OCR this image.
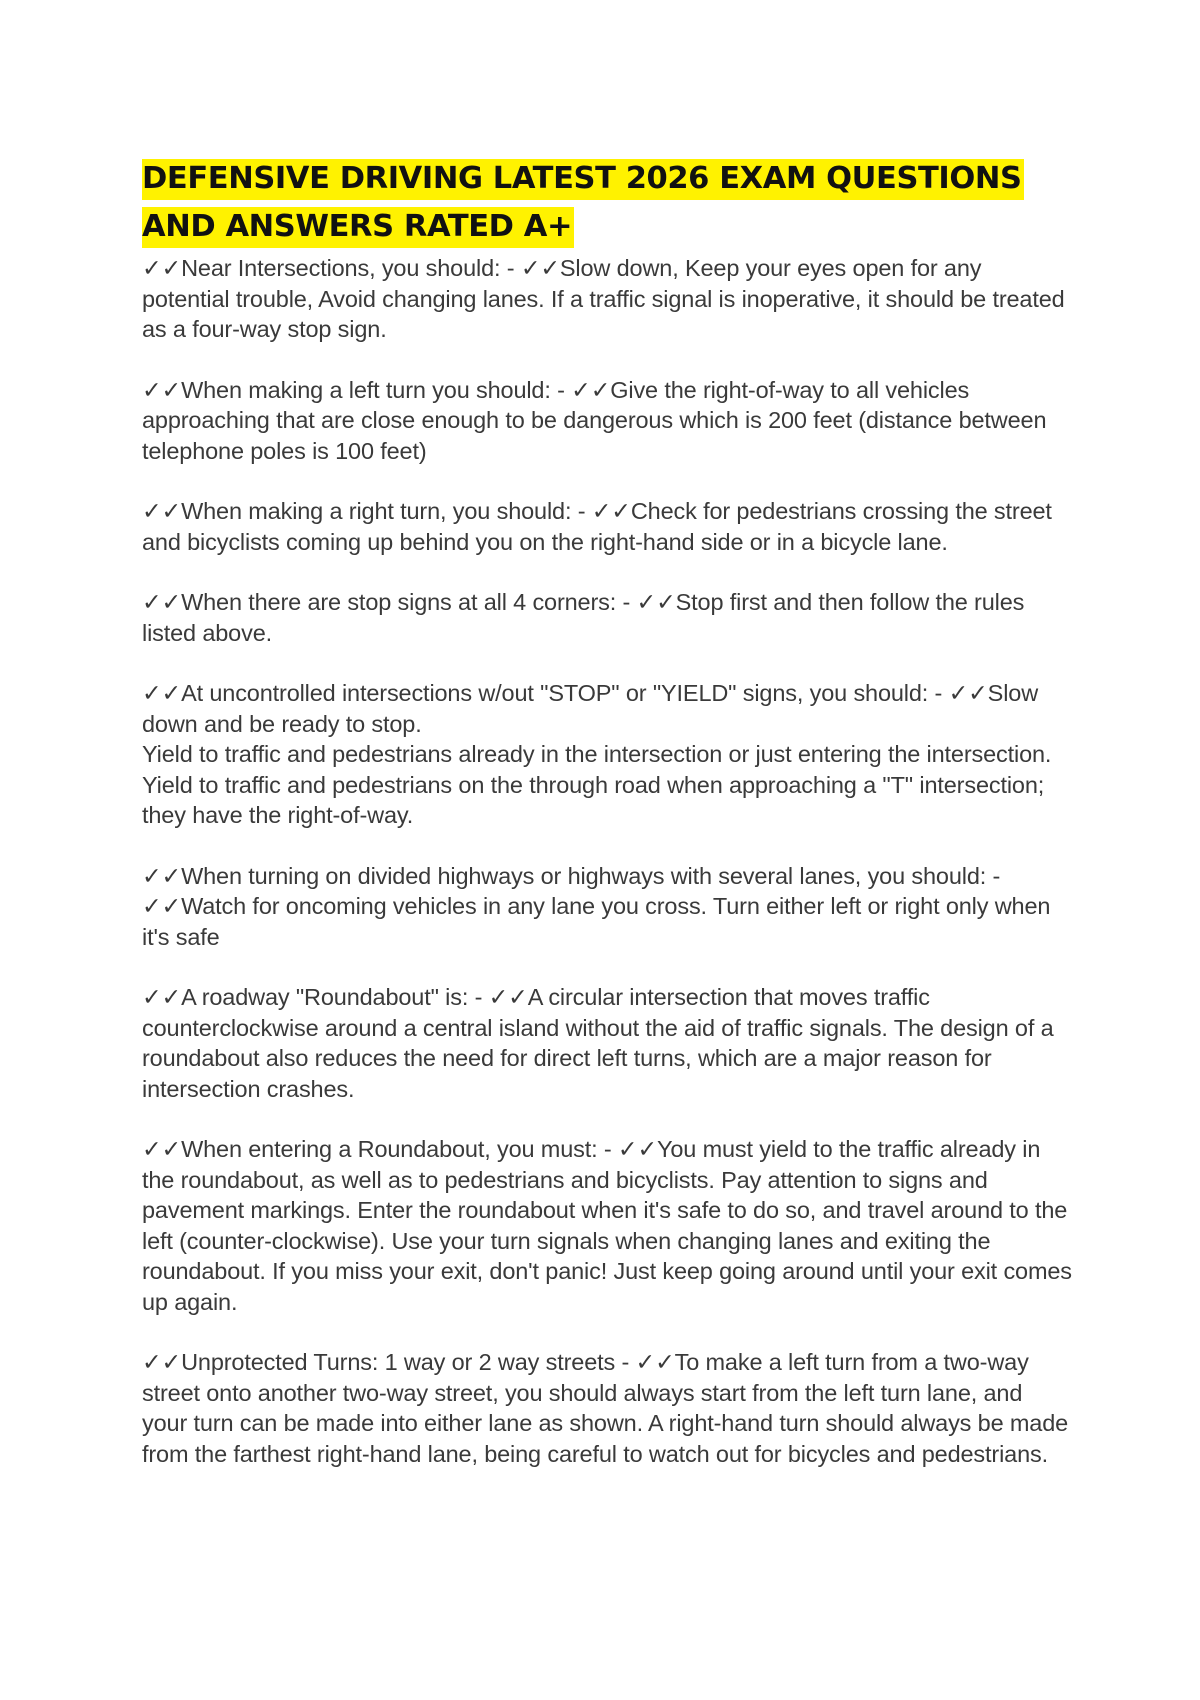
DEFENSIVE DRIVING LATEST 2026 EXAM QUESTIONS
AND ANSWERS RATED A+
✓✓Near Intersections, you should: - ✓✓Slow down, Keep your eyes open for any potential trouble, Avoid changing lanes. If a traffic signal is inoperative, it should be treated as a four-way stop sign.
✓✓When making a left turn you should: - ✓✓Give the right-of-way to all vehicles approaching that are close enough to be dangerous which is 200 feet (distance between telephone poles is 100 feet)
✓✓When making a right turn, you should: - ✓✓Check for pedestrians crossing the street and bicyclists coming up behind you on the right-hand side or in a bicycle lane.
✓✓When there are stop signs at all 4 corners: - ✓✓Stop first and then follow the rules listed above.
✓✓At uncontrolled intersections w/out "STOP" or "YIELD" signs, you should: - ✓✓Slow down and be ready to stop.
Yield to traffic and pedestrians already in the intersection or just entering the intersection.
Yield to traffic and pedestrians on the through road when approaching a "T" intersection; they have the right-of-way.
✓✓When turning on divided highways or highways with several lanes, you should: - ✓✓Watch for oncoming vehicles in any lane you cross. Turn either left or right only when it's safe
✓✓A roadway "Roundabout" is: - ✓✓A circular intersection that moves traffic counterclockwise around a central island without the aid of traffic signals. The design of a roundabout also reduces the need for direct left turns, which are a major reason for intersection crashes.
✓✓When entering a Roundabout, you must: - ✓✓You must yield to the traffic already in the roundabout, as well as to pedestrians and bicyclists. Pay attention to signs and pavement markings. Enter the roundabout when it's safe to do so, and travel around to the left (counter-clockwise). Use your turn signals when changing lanes and exiting the roundabout. If you miss your exit, don't panic! Just keep going around until your exit comes up again.
✓✓Unprotected Turns: 1 way or 2 way streets - ✓✓To make a left turn from a two-way street onto another two-way street, you should always start from the left turn lane, and your turn can be made into either lane as shown. A right-hand turn should always be made from the farthest right-hand lane, being careful to watch out for bicycles and pedestrians.
